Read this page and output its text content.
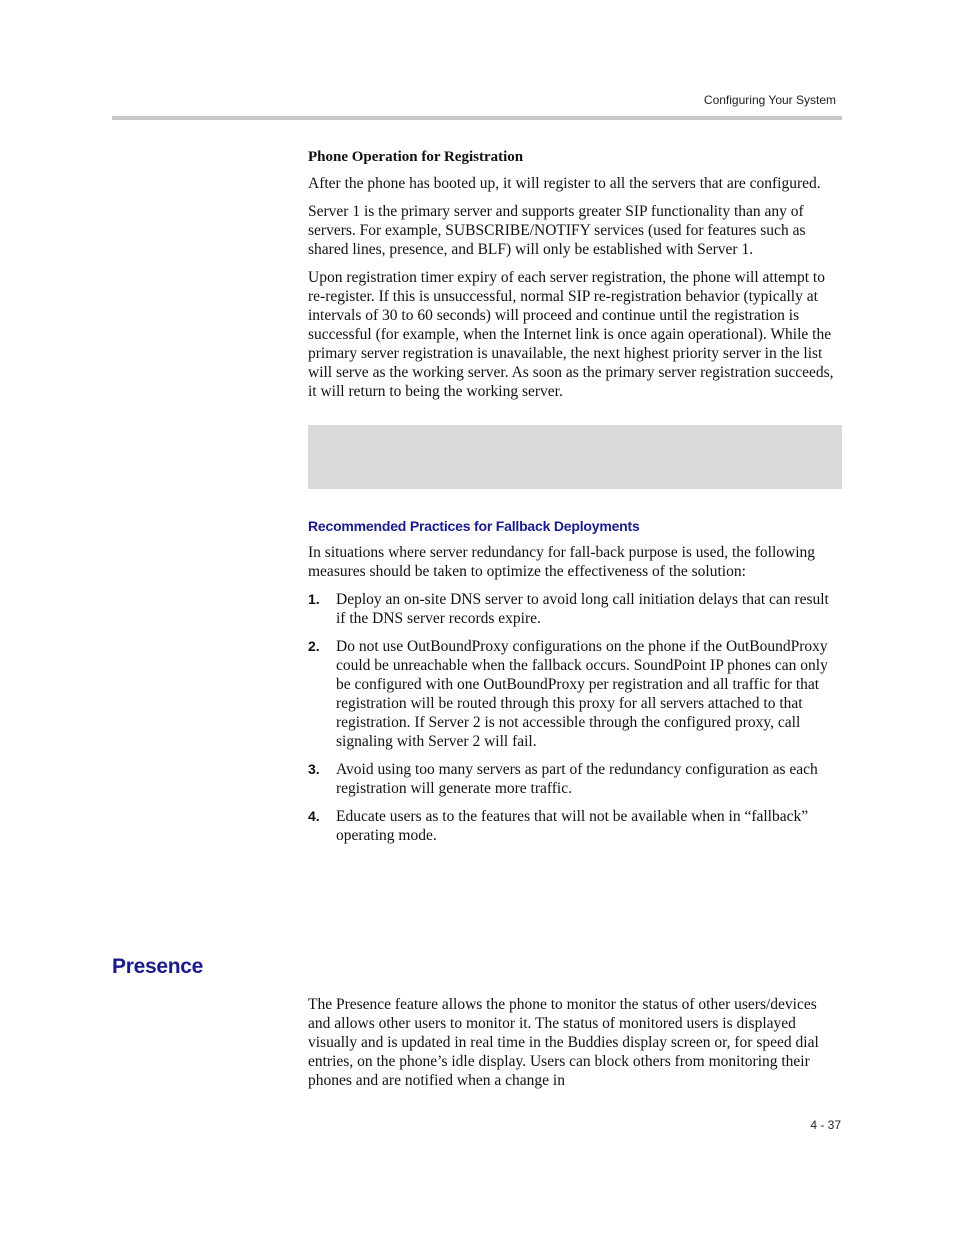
Configuring Your System
Phone Operation for Registration

After the phone has booted up, it will register to all the servers that are configured.

Server 1 is the primary server and supports greater SIP functionality than any of servers. For example, SUBSCRIBE/NOTIFY services (used for features such as shared lines, presence, and BLF) will only be established with Server 1.

Upon registration timer expiry of each server registration, the phone will attempt to re-register. If this is unsuccessful, normal SIP re-registration behavior (typically at intervals of 30 to 60 seconds) will proceed and continue until the registration is successful (for example, when the Internet link is once again operational). While the primary server registration is unavailable, the next highest priority server in the list will serve as the working server. As soon as the primary server registration succeeds, it will return to being the working server.

Recommended Practices for Fallback Deployments

In situations where server redundancy for fall-back purpose is used, the following measures should be taken to optimize the effectiveness of the solution:

1. Deploy an on-site DNS server to avoid long call initiation delays that can result if the DNS server records expire.
2. Do not use OutBoundProxy configurations on the phone if the OutBoundProxy could be unreachable when the fallback occurs. SoundPoint IP phones can only be configured with one OutBoundProxy per registration and all traffic for that registration will be routed through this proxy for all servers attached to that registration. If Server 2 is not accessible through the configured proxy, call signaling with Server 2 will fail.
3. Avoid using too many servers as part of the redundancy configuration as each registration will generate more traffic.
4. Educate users as to the features that will not be available when in “fallback” operating mode.
Presence
The Presence feature allows the phone to monitor the status of other users/devices and allows other users to monitor it. The status of monitored users is displayed visually and is updated in real time in the Buddies display screen or, for speed dial entries, on the phone’s idle display. Users can block others from monitoring their phones and are notified when a change in
4 - 37
